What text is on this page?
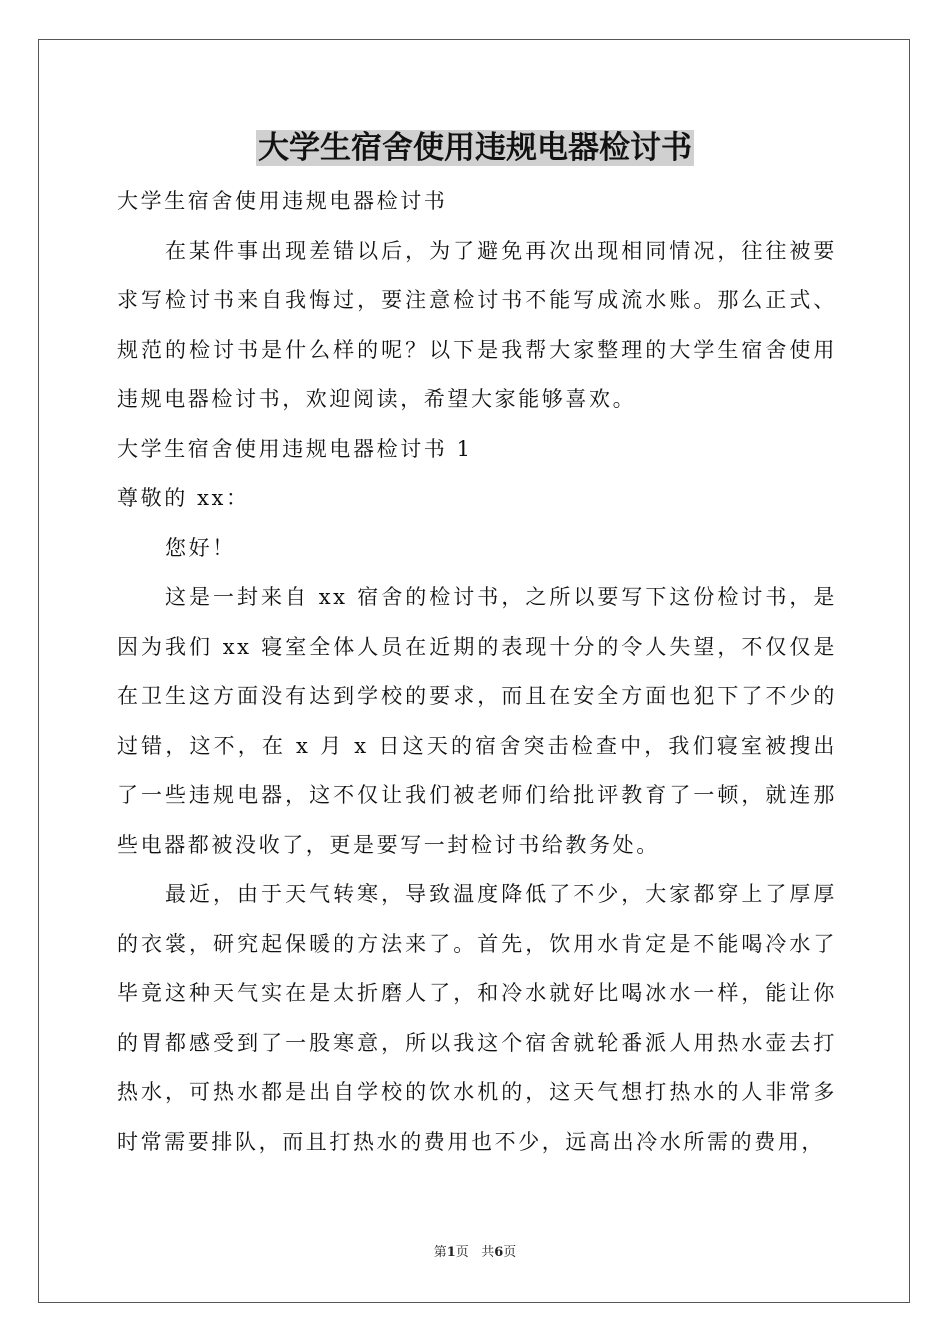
大学生宿舍使用违规电器检讨书

大学生宿舍使用违规电器检讨书

在某件事出现差错以后，为了避免再次出现相同情况，往往被要求写检讨书来自我悔过，要注意检讨书不能写成流水账。那么正式、规范的检讨书是什么样的呢？以下是我帮大家整理的大学生宿舍使用违规电器检讨书，欢迎阅读，希望大家能够喜欢。

大学生宿舍使用违规电器检讨书 1

尊敬的 xx：

您好！

这是一封来自 xx 宿舍的检讨书，之所以要写下这份检讨书，是因为我们 xx 寝室全体人员在近期的表现十分的令人失望，不仅仅是在卫生这方面没有达到学校的要求，而且在安全方面也犯下了不少的过错，这不，在 x 月 x 日这天的宿舍突击检查中，我们寝室被搜出了一些违规电器，这不仅让我们被老师们给批评教育了一顿，就连那些电器都被没收了，更是要写一封检讨书给教务处。

最近，由于天气转寒，导致温度降低了不少，大家都穿上了厚厚的衣裳，研究起保暖的方法来了。首先，饮用水肯定是不能喝冷水了毕竟这种天气实在是太折磨人了，和冷水就好比喝冰水一样，能让你的胃都感受到了一股寒意，所以我这个宿舍就轮番派人用热水壶去打热水，可热水都是出自学校的饮水机的，这天气想打热水的人非常多时常需要排队，而且打热水的费用也不少，远高出冷水所需的费用，

第1页 共6页
